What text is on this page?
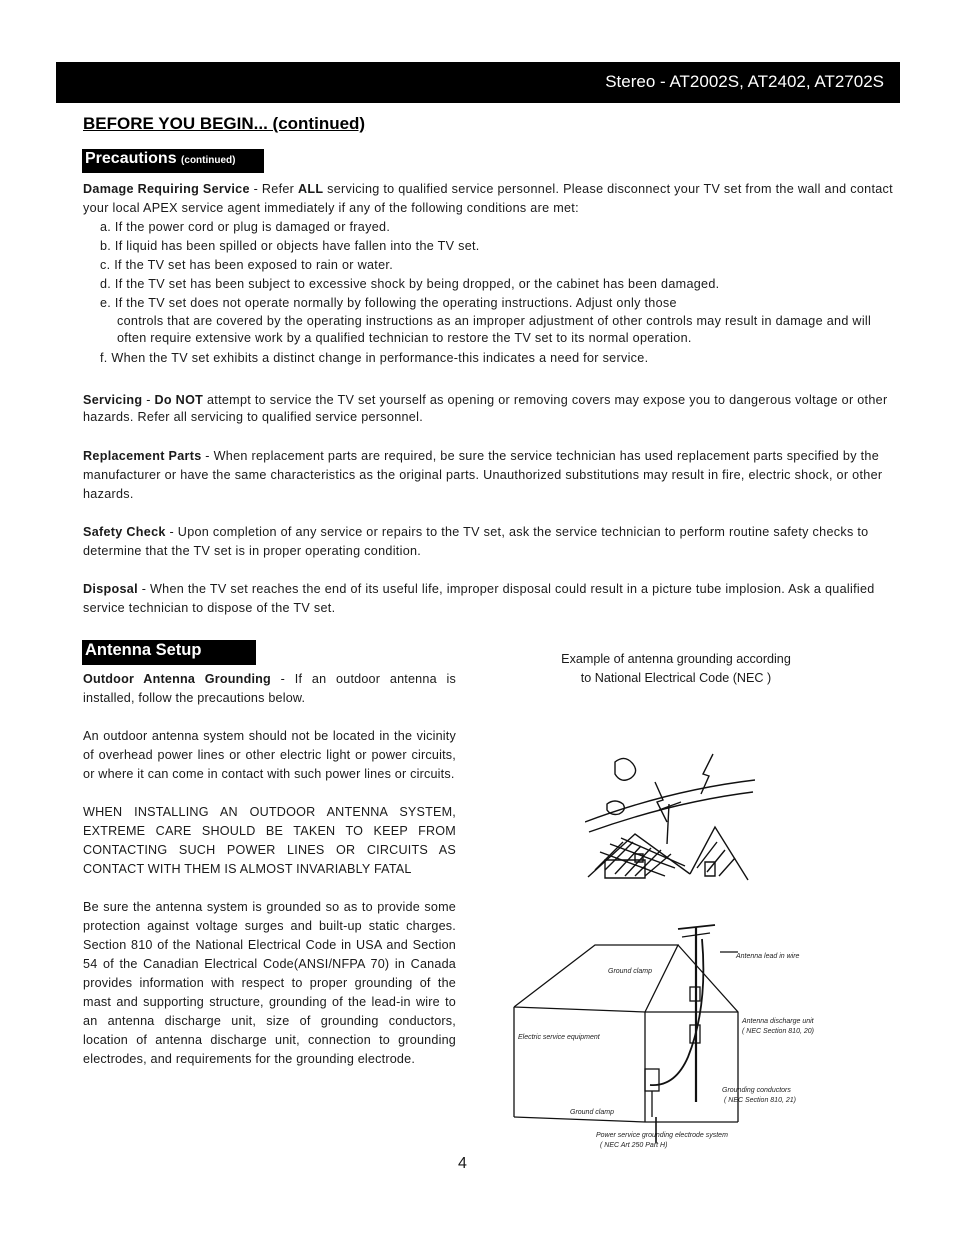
Stereo - AT2002S, AT2402, AT2702S
BEFORE YOU BEGIN... (continued)
Precautions (continued)

Damage Requiring Service - Refer ALL servicing to qualified service personnel. Please disconnect your TV set from the wall and contact your local APEX service agent immediately if any of the following conditions are met:

a. If the power cord or plug is damaged or frayed.
b. If liquid has been spilled or objects have fallen into the TV set.
c. If the TV set has been exposed to rain or water.
d. If the TV set has been subject to excessive shock by being dropped, or the cabinet has been damaged.
e. If the TV set does not operate normally by following the operating instructions. Adjust only those

controls that are covered by the operating instructions as an improper adjustment of other controls may result in damage and will often require extensive work by a qualified technician to restore the TV set to its normal operation.

f. When the TV set exhibits a distinct change in performance-this indicates a need for service.

Servicing - Do NOT attempt to service the TV set yourself as opening or removing covers may expose you to dangerous voltage or other hazards. Refer all servicing to qualified service personnel.

Replacement Parts - When replacement parts are required, be sure the service technician has used replacement parts specified by the manufacturer or have the same characteristics as the original parts. Unauthorized substitutions may result in fire, electric shock, or other hazards.

Safety Check - Upon completion of any service or repairs to the TV set, ask the service technician to perform routine safety checks to determine that the TV set is in proper operating condition.

Disposal - When the TV set reaches the end of its useful life, improper disposal could result in a picture tube implosion. Ask a qualified service technician to dispose of the TV set.

Antenna Setup

Outdoor Antenna Grounding - If an outdoor antenna is installed, follow the precautions below.

An outdoor antenna system should not be located in the vicinity of overhead power lines or other electric light or power circuits, or where it can come in contact with such power lines or circuits.

WHEN INSTALLING AN OUTDOOR ANTENNA SYSTEM, EXTREME CARE SHOULD BE TAKEN TO KEEP FROM CONTACTING SUCH POWER LINES OR CIRCUITS AS CONTACT WITH THEM IS ALMOST INVARIABLY FATAL

Be sure the antenna system is grounded so as to provide some protection against voltage surges and built-up static charges. Section 810 of the National Electrical Code in USA and Section 54 of the Canadian Electrical Code(ANSI/NFPA 70) in Canada provides information with respect to proper grounding of the mast and supporting structure, grounding of the lead-in wire to an antenna discharge unit, size of grounding conductors, location of antenna discharge unit, connection to grounding electrodes, and requirements for the grounding electrode.

Example of antenna grounding according
to National Electrical Code (NEC )
Antenna lead in wire
Ground clamp
Antenna discharge unit
( NEC Section 810, 20)
Electric service equipment
Grounding conductors
( NEC Section 810, 21)
Ground clamp
Power service grounding electrode system
( NEC Art 250 Part H)
4
